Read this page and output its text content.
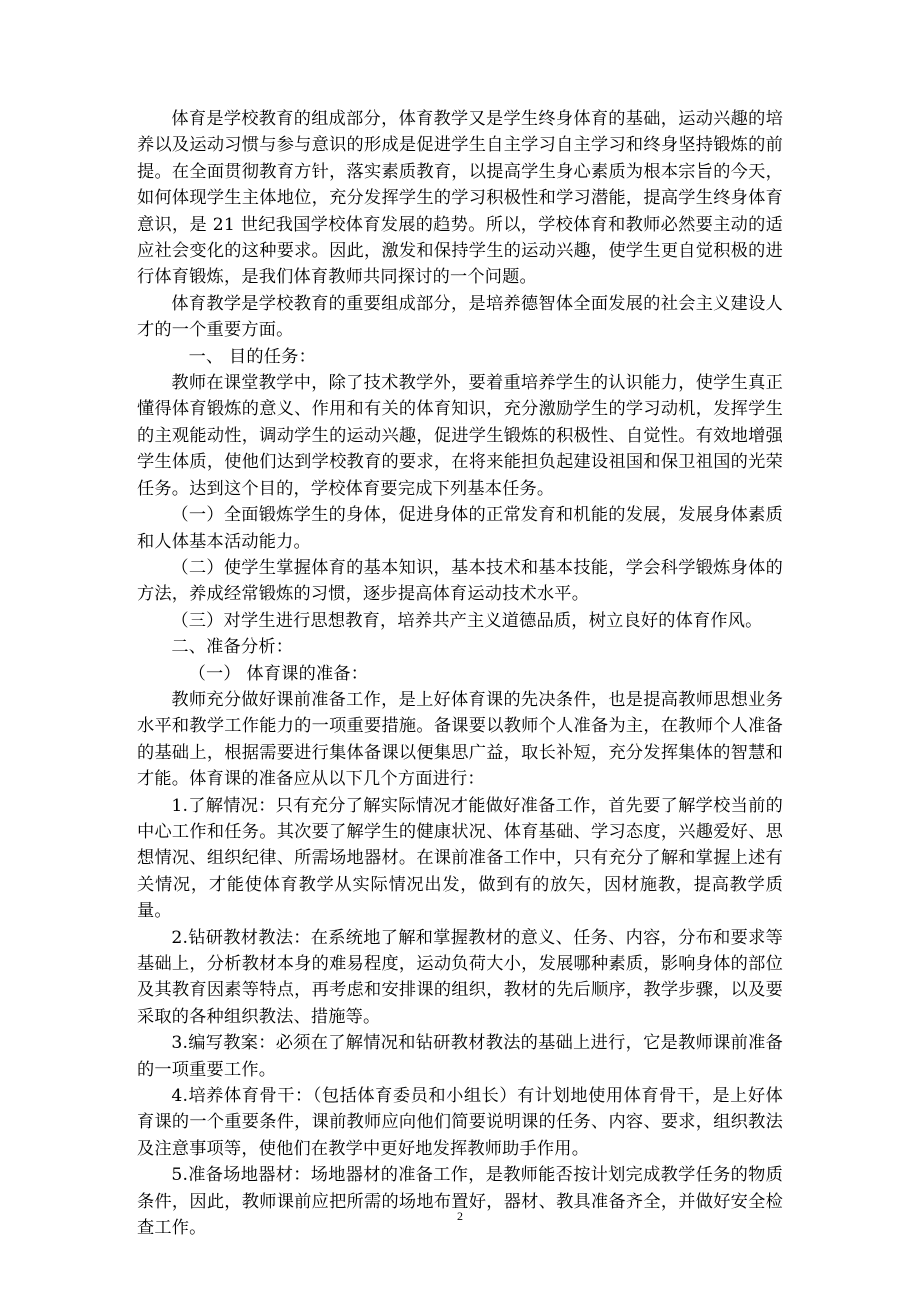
体育是学校教育的组成部分，体育教学又是学生终身体育的基础，运动兴趣的培养以及运动习惯与参与意识的形成是促进学生自主学习自主学习和终身坚持锻炼的前提。在全面贯彻教育方针，落实素质教育，以提高学生身心素质为根本宗旨的今天，如何体现学生主体地位，充分发挥学生的学习积极性和学习潜能，提高学生终身体育意识，是 21 世纪我国学校体育发展的趋势。所以，学校体育和教师必然要主动的适应社会变化的这种要求。因此，激发和保持学生的运动兴趣，使学生更自觉积极的进行体育锻炼，是我们体育教师共同探讨的一个问题。

体育教学是学校教育的重要组成部分，是培养德智体全面发展的社会主义建设人才的一个重要方面。

一、 目的任务：

教师在课堂教学中，除了技术教学外，要着重培养学生的认识能力，使学生真正懂得体育锻炼的意义、作用和有关的体育知识，充分激励学生的学习动机，发挥学生的主观能动性，调动学生的运动兴趣，促进学生锻炼的积极性、自觉性。有效地增强学生体质，使他们达到学校教育的要求，在将来能担负起建设祖国和保卫祖国的光荣任务。达到这个目的，学校体育要完成下列基本任务。

（一）全面锻炼学生的身体，促进身体的正常发育和机能的发展，发展身体素质和人体基本活动能力。

（二）使学生掌握体育的基本知识，基本技术和基本技能，学会科学锻炼身体的方法，养成经常锻炼的习惯，逐步提高体育运动技术水平。

（三）对学生进行思想教育，培养共产主义道德品质，树立良好的体育作风。

二、准备分析：

（一） 体育课的准备：

教师充分做好课前准备工作，是上好体育课的先决条件，也是提高教师思想业务水平和教学工作能力的一项重要措施。备课要以教师个人准备为主，在教师个人准备的基础上，根据需要进行集体备课以便集思广益，取长补短，充分发挥集体的智慧和才能。体育课的准备应从以下几个方面进行：

1.了解情况：只有充分了解实际情况才能做好准备工作，首先要了解学校当前的中心工作和任务。其次要了解学生的健康状况、体育基础、学习态度，兴趣爱好、思想情况、组织纪律、所需场地器材。在课前准备工作中，只有充分了解和掌握上述有关情况，才能使体育教学从实际情况出发，做到有的放矢，因材施教，提高教学质量。

2.钻研教材教法：在系统地了解和掌握教材的意义、任务、内容，分布和要求等基础上，分析教材本身的难易程度，运动负荷大小，发展哪种素质，影响身体的部位及其教育因素等特点，再考虑和安排课的组织，教材的先后顺序，教学步骤，以及要采取的各种组织教法、措施等。

3.编写教案：必须在了解情况和钻研教材教法的基础上进行，它是教师课前准备的一项重要工作。

4.培养体育骨干：（包括体育委员和小组长）有计划地使用体育骨干，是上好体育课的一个重要条件，课前教师应向他们简要说明课的任务、内容、要求，组织教法及注意事项等，使他们在教学中更好地发挥教师助手作用。

5.准备场地器材：场地器材的准备工作，是教师能否按计划完成教学任务的物质条件，因此，教师课前应把所需的场地布置好，器材、教具准备齐全，并做好安全检查工作。

2
